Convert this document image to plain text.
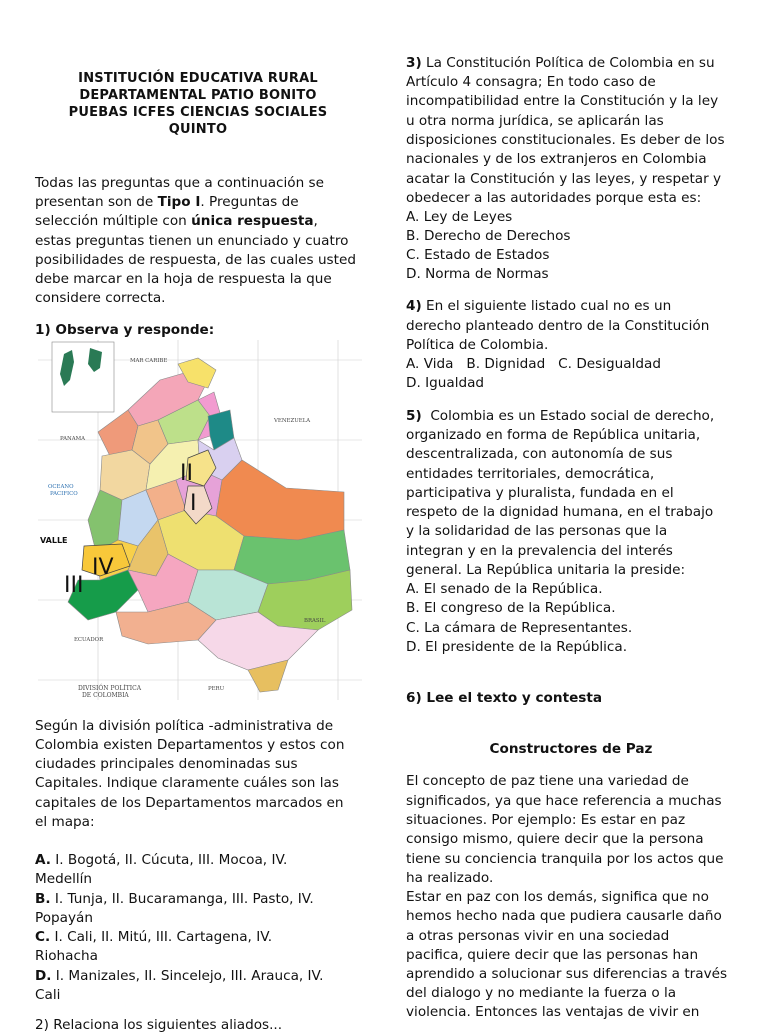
INSTITUCIÓN EDUCATIVA RURAL
DEPARTAMENTAL PATIO BONITO
PUEBAS ICFES CIENCIAS SOCIALES
QUINTO
Todas las preguntas que a continuación se
presentan son de Tipo I. Preguntas de
selección múltiple con única respuesta,
estas preguntas tienen un enunciado y cuatro
posibilidades de respuesta, de las cuales usted
debe marcar en la hoja de respuesta la que
considere correcta.
1) Observa y responde:
MAR CARIBE
VENEZUELA
PANAMA
OCEANO
PACIFICO
BRASIL
ECUADOR
PERU
DIVISIÓN POLÍTICA
DE COLOMBIA
VALLE
I
II
III
IV
Según la división política -administrativa de
Colombia existen Departamentos y estos con
ciudades principales denominadas sus
Capitales. Indique claramente cuáles son las
capitales de los Departamentos marcados en
el mapa:
A. I. Bogotá, II. Cúcuta, III. Mocoa, IV.
Medellín
B. I. Tunja, II. Bucaramanga, III. Pasto, IV.
Popayán
C. I. Cali, II. Mitú, III. Cartagena, IV.
Riohacha
D. I. Manizales, II. Sincelejo, III. Arauca, IV.
Cali
2) Relaciona los siguientes aliados...
3) La Constitución Política de Colombia en su
Artículo 4 consagra; En todo caso de
incompatibilidad entre la Constitución y la ley
u otra norma jurídica, se aplicarán las
disposiciones constitucionales. Es deber de los
nacionales y de los extranjeros en Colombia
acatar la Constitución y las leyes, y respetar y
obedecer a las autoridades porque esta es:
A. Ley de Leyes
B. Derecho de Derechos
C. Estado de Estados
D. Norma de Normas
4) En el siguiente listado cual no es un
derecho planteado dentro de la Constitución
Política de Colombia.
A. Vida   B. Dignidad   C. Desigualdad
D. Igualdad
5)  Colombia es un Estado social de derecho,
organizado en forma de República unitaria,
descentralizada, con autonomía de sus
entidades territoriales, democrática,
participativa y pluralista, fundada en el
respeto de la dignidad humana, en el trabajo
y la solidaridad de las personas que la
integran y en la prevalencia del interés
general. La República unitaria la preside:
A. El senado de la República.
B. El congreso de la República.
C. La cámara de Representantes.
D. El presidente de la República.
6) Lee el texto y contesta
Constructores de Paz
El concepto de paz tiene una variedad de
significados, ya que hace referencia a muchas
situaciones. Por ejemplo: Es estar en paz
consigo mismo, quiere decir que la persona
tiene su conciencia tranquila por los actos que
ha realizado.
Estar en paz con los demás, significa que no
hemos hecho nada que pudiera causarle daño
a otras personas vivir en una sociedad
pacifica, quiere decir que las personas han
aprendido a solucionar sus diferencias a través
del dialogo y no mediante la fuerza o la
violencia. Entonces las ventajas de vivir en
